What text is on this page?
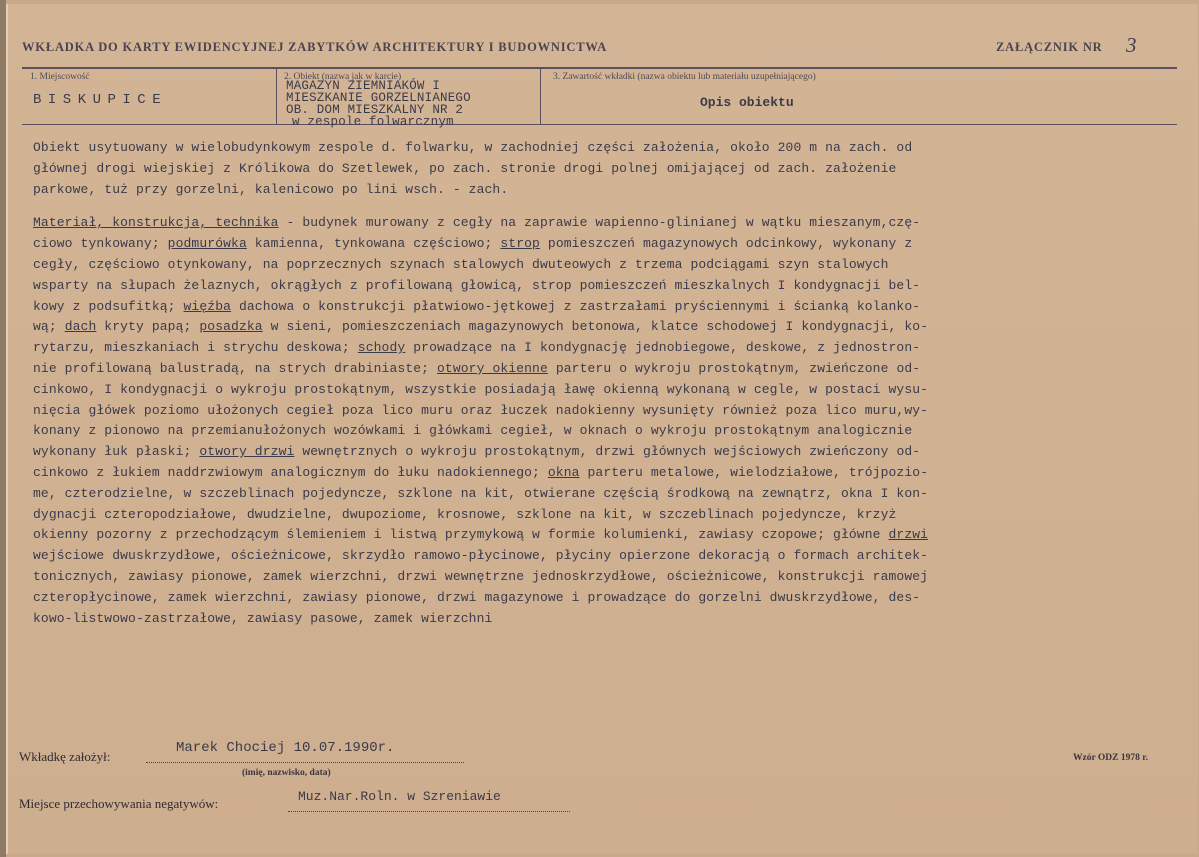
WKŁADKA DO KARTY EWIDENCYJNEJ ZABYTKÓW ARCHITEKTURY I BUDOWNICTWA	ZAŁĄCZNIK NR 3
1. Miejscowość
BISKUPICE
2. Obiekt (nazwa jak w karcie)
MAGAZYN ZIEMNIAKÓW I
MIESZKANIE GORZELNIANEGO
OB. DOM MIESZKALNY NR 2
w zespole folwarcznym
3. Zawartość wkładki (nazwa obiektu lub materiału uzupełniającego)
Opis obiektu
Obiekt usytuowany w wielobudynkowym zespole d. folwarku, w zachodniej części założenia, około 200 m na zach. od
głównej drogi wiejskiej z Królikowa do Szetlewek, po zach. stronie drogi polnej omijającej od zach. założenie
parkowe, tuż przy gorzelni, kalenicowo po lini wsch. - zach.
Materiał, konstrukcja, technika - budynek murowany z cegły na zaprawie wapienno-glinianej w wątku mieszanym,czę-
ciowo tynkowany; podmurówka kamienna, tynkowana częściowo; strop pomieszczeń magazynowych odcinkowy, wykonany z
cegły, częściowo otynkowany, na poprzecznych szynach stalowych dwuteowych z trzema podciągami szyn stalowych
wsparty na słupach żelaznych, okrągłych z profilowaną głowicą, strop pomieszczeń mieszkalnych I kondygnacji bel-
kowy z podsufitką; więźba dachowa o konstrukcji płatwiowo-jętkowej z zastrzałami pryściennymi i ścianką kolanko-
wą; dach kryty papą; posadzka w sieni, pomieszczeniach magazynowych betonowa, klatce schodowej I kondygnacji, ko-
rytarzu, mieszkaniach i strychu deskowa; schody prowadzące na I kondygnację jednobiegowe, deskowe, z jednostron-
nie profilowaną balustradą, na strych drabiniaste; otwory okienne parteru o wykroju prostokątnym, zwieńczone od-
cinkowo, I kondygnacji o wykroju prostokątnym, wszystkie posiadają ławę okienną wykonaną w cegle, w postaci wysu-
nięcia główek poziomo ułożonych cegieł poza lico muru oraz łuczek nadokienny wysunięty również poza lico muru,wy-
konany z pionowo na przemianułożonych wozówkami i główkami cegieł, w oknach o wykroju prostokątnym analogicznie
wykonany łuk płaski; otwory drzwi wewnętrznych o wykroju prostokątnym, drzwi głównych wejściowych zwieńczony od-
cinkowo z łukiem naddrzwiowym analogicznym do łuku nadokiennego; okna parteru metalowe, wielodziałowe, trójpozio-
me, czterodzielne, w szczeblinach pojedyncze, szklone na kit, otwierane częścią środkową na zewnątrz, okna I kon-
dygnacji czteropodziałowe, dwudzielne, dwupoziome, krosnowe, szklone na kit, w szczeblinach pojedyncze, krzyż
okienny pozorny z przechodzącym ślemieniem i listwą przymykową w formie kolumienki, zawiasy czopowe; główne drzwi
wejściowe dwuskrzydłowe, ościeżnicowe, skrzydło ramowo-płycinowe, płyciny opierzone dekoracją o formach architek-
tonicznych, zawiasy pionowe, zamek wierzchni, drzwi wewnętrzne jednoskrzydłowe, ościeżnicowe, konstrukcji ramowej
czteropłycinowe, zamek wierzchni, zawiasy pionowe, drzwi magazynowe i prowadzące do gorzelni dwuskrzydłowe, des-
kowo-listwowo-zastrzałowe, zawiasy pasowe, zamek wierzchni
Wkładkę założył:
Marek Chociej 10.07.1990r.
(imię, nazwisko, data)
Wzór ODZ 1978 r.
Miejsce przechowywania negatywów:	Muz.Nar.Roln. w Szreniawie
